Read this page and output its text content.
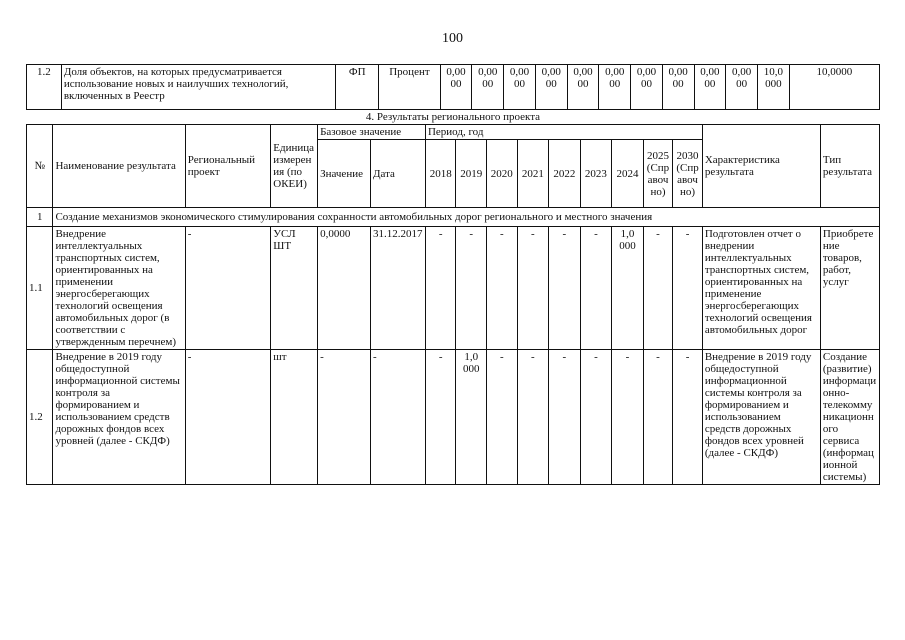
100
1.2	Доля объектов, на которых предусматривается использование новых и наилучших технологий, включенных в Реестр	ФП	Процент	0,00 00	0,00 00	0,00 00	0,00 00	0,00 00	0,00 00	0,00 00	0,00 00	0,00 00	0,00 00	10,0 000	10,0000
4. Результаты регионального проекта
№	Наименование результата	Региональный проект	Единица измерения (по ОКЕИ)	Базовое значение		Период, год									Характеристика результата	Тип результата
				Значение	Дата	2018	2019	2020	2021	2022	2023	2024	2025 (Справочно)	2030 (Справочно)		
1	Создание механизмов экономического стимулирования сохранности автомобильных дорог регионального и местного значения															
1.1	Внедрение интеллектуальных транспортных систем, ориентированных на применении энергосберегающих технологий освещения автомобильных дорог (в соответствии с утвержденным перечнем)	-	УСЛ ШТ	0,0000	31.12.2017	-	-	-	-	-	-	1,0 000	-	-	Подготовлен отчет о внедрении интеллектуальных транспортных систем, ориентированных на применение энергосберегающих технологий освещения автомобильных дорог	Приобретение товаров, работ, услуг
1.2	Внедрение в 2019 году общедоступной информационной системы контроля за формированием и использованием средств дорожных фондов всех уровней (далее - СКДФ)	-	шт	-	-	-	1,0 000	-	-	-	-	-	-	-	Внедрение в 2019 году общедоступной информационной системы контроля за формированием и использованием средств дорожных фондов всех уровней (далее - СКДФ)	Создание (развитие) информационно-телекоммуникационного сервиса (информационной системы)
